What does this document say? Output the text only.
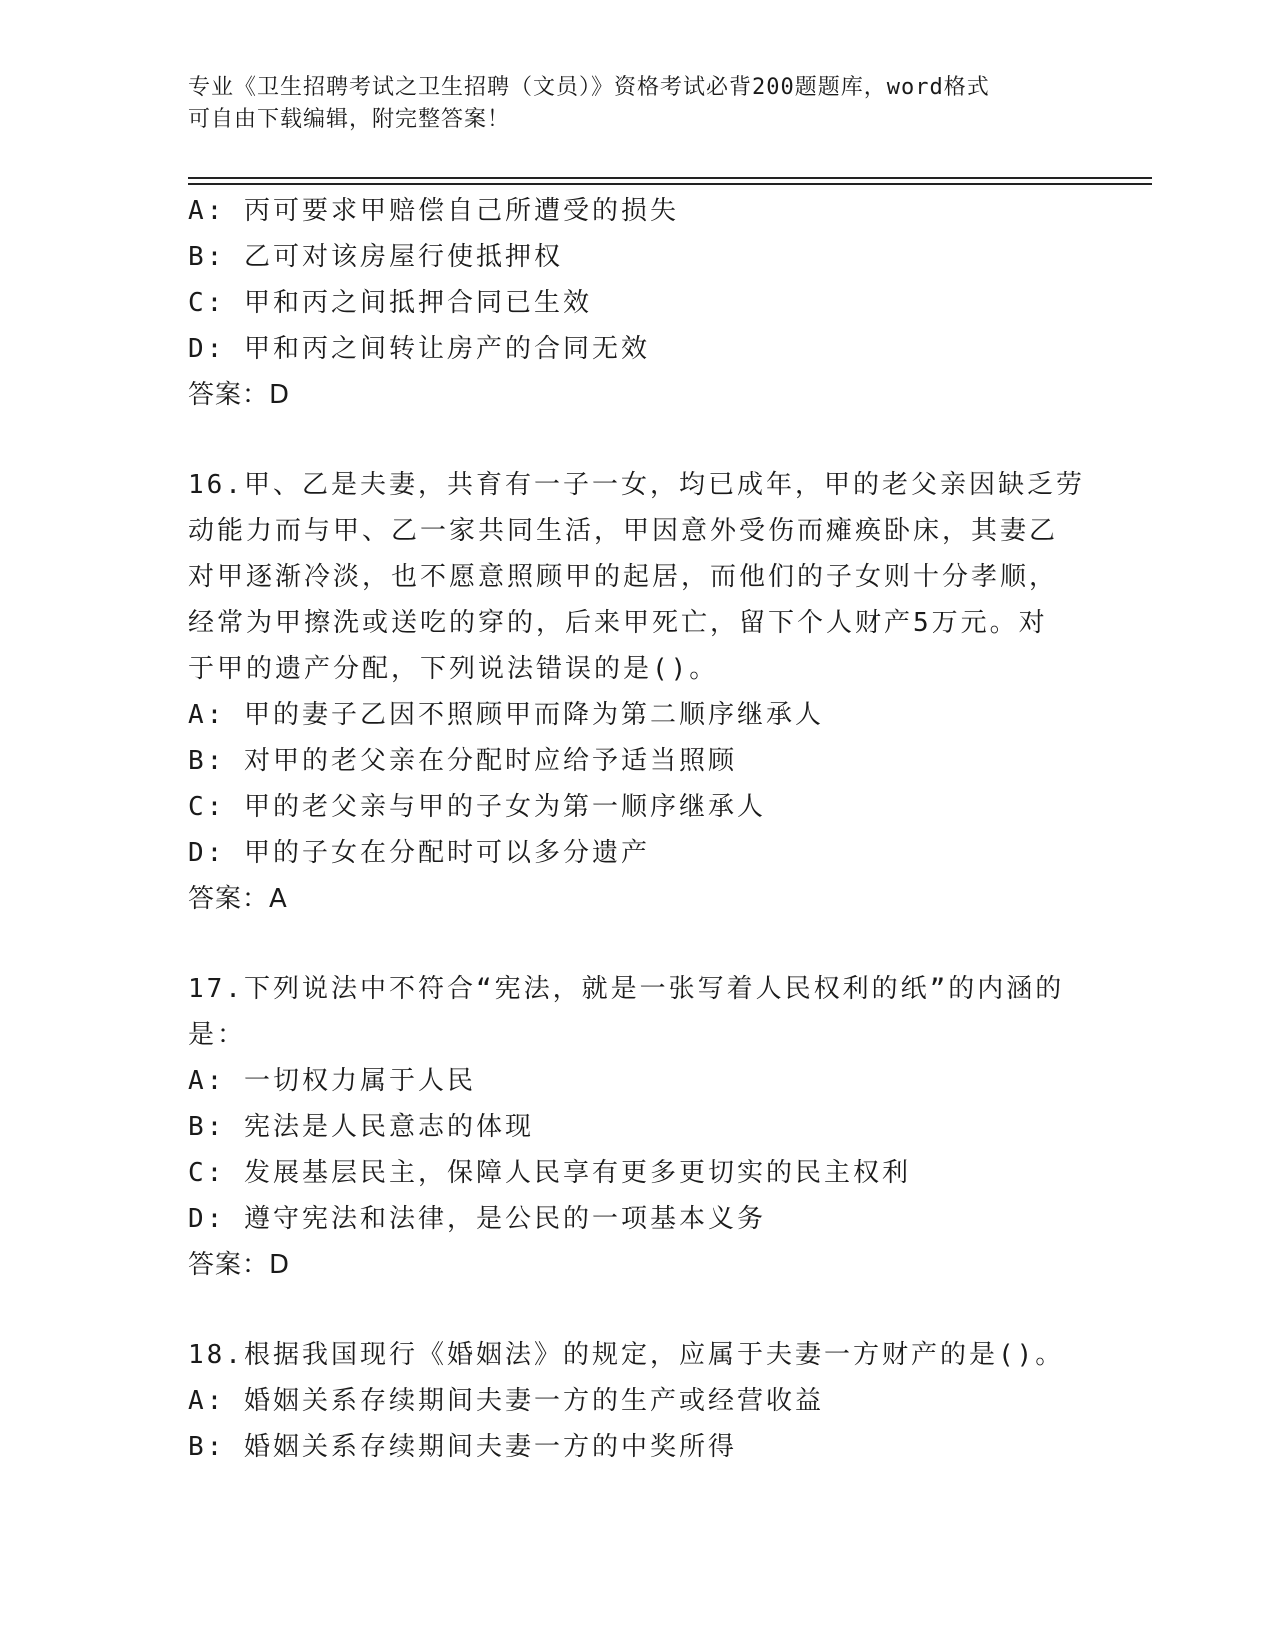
专业《卫生招聘考试之卫生招聘（文员）》资格考试必背200题题库，word格式
可自由下载编辑，附完整答案！
A: 丙可要求甲赔偿自己所遭受的损失
B: 乙可对该房屋行使抵押权
C: 甲和丙之间抵押合同已生效
D: 甲和丙之间转让房产的合同无效
答案：D
16.甲、乙是夫妻，共育有一子一女，均已成年，甲的老父亲因缺乏劳
动能力而与甲、乙一家共同生活，甲因意外受伤而瘫痪卧床，其妻乙
对甲逐渐冷淡，也不愿意照顾甲的起居，而他们的子女则十分孝顺，
经常为甲擦洗或送吃的穿的，后来甲死亡，留下个人财产5万元。对
于甲的遗产分配，下列说法错误的是()。
A: 甲的妻子乙因不照顾甲而降为第二顺序继承人
B: 对甲的老父亲在分配时应给予适当照顾
C: 甲的老父亲与甲的子女为第一顺序继承人
D: 甲的子女在分配时可以多分遗产
答案：A
17.下列说法中不符合“宪法，就是一张写着人民权利的纸”的内涵的
是：
A: 一切权力属于人民
B: 宪法是人民意志的体现
C: 发展基层民主，保障人民享有更多更切实的民主权利
D: 遵守宪法和法律，是公民的一项基本义务
答案：D
18.根据我国现行《婚姻法》的规定，应属于夫妻一方财产的是()。
A: 婚姻关系存续期间夫妻一方的生产或经营收益
B: 婚姻关系存续期间夫妻一方的中奖所得
